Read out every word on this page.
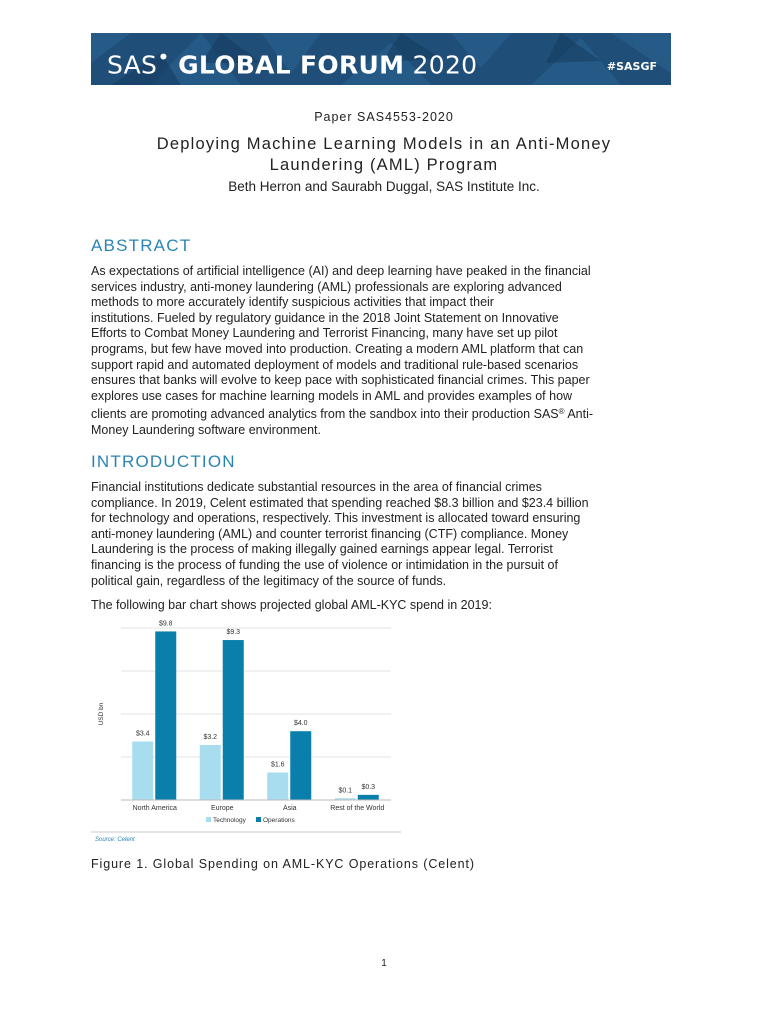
SAS• GLOBAL FORUM 2020	#SASGF
Paper SAS4553-2020
Deploying Machine Learning Models in an Anti-Money
Laundering (AML) Program
Beth Herron and Saurabh Duggal, SAS Institute Inc.
ABSTRACT
As expectations of artificial intelligence (AI) and deep learning have peaked in the financial
services industry, anti-money laundering (AML) professionals are exploring advanced
methods to more accurately identify suspicious activities that impact their
institutions. Fueled by regulatory guidance in the 2018 Joint Statement on Innovative
Efforts to Combat Money Laundering and Terrorist Financing, many have set up pilot
programs, but few have moved into production. Creating a modern AML platform that can
support rapid and automated deployment of models and traditional rule-based scenarios
ensures that banks will evolve to keep pace with sophisticated financial crimes. This paper
explores use cases for machine learning models in AML and provides examples of how
clients are promoting advanced analytics from the sandbox into their production SAS® Anti-
Money Laundering software environment.
INTRODUCTION
Financial institutions dedicate substantial resources in the area of financial crimes
compliance. In 2019, Celent estimated that spending reached $8.3 billion and $23.4 billion
for technology and operations, respectively. This investment is allocated toward ensuring
anti-money laundering (AML) and counter terrorist financing (CTF) compliance. Money
Laundering is the process of making illegally gained earnings appear legal. Terrorist
financing is the process of funding the use of violence or intimidation in the pursuit of
political gain, regardless of the legitimacy of the source of funds.
The following bar chart shows projected global AML-KYC spend in 2019:
USD bn
$3.4
$9.8
North America
$3.2
$9.3
Europe
$1.6
$4.0
Asia
$0.1 $0.3
Rest of the World
Technology	Operations
Source: Celent
Figure 1. Global Spending on AML-KYC Operations (Celent)
1
